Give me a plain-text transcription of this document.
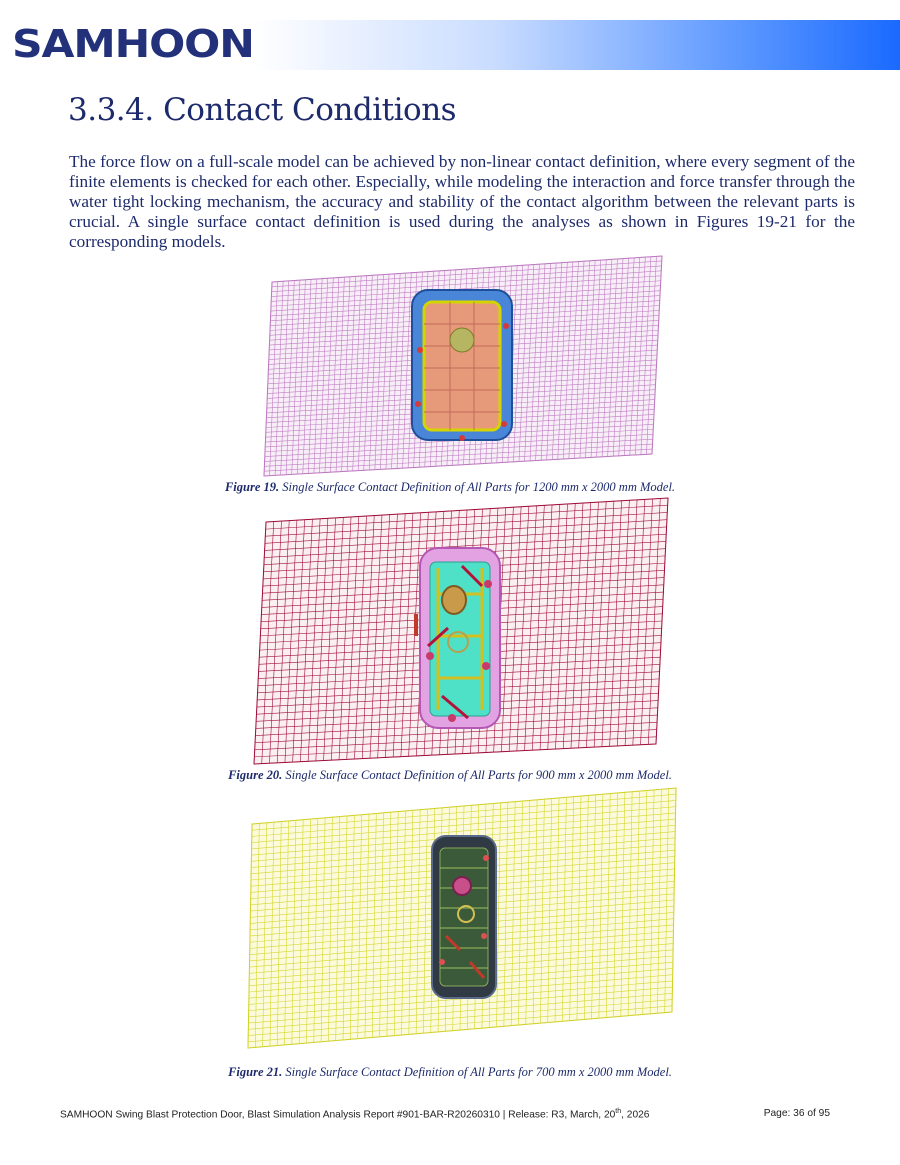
SAMHOON
3.3.4. Contact Conditions

The force flow on a full-scale model can be achieved by non-linear contact definition, where every segment of the finite elements is checked for each other. Especially, while modeling the interaction and force transfer through the water tight locking mechanism, the accuracy and stability of the contact algorithm between the relevant parts is crucial. A single surface contact definition is used during the analyses as shown in Figures 19-21 for the corresponding models.

Figure 19. Single Surface Contact Definition of All Parts for 1200 mm x 2000 mm Model.
Figure 20. Single Surface Contact Definition of All Parts for 900 mm x 2000 mm Model.
Figure 21. Single Surface Contact Definition of All Parts for 700 mm x 2000 mm Model.
SAMHOON Swing Blast Protection Door, Blast Simulation Analysis Report #901-BAR-R20260310 | Release: R3, March, 20th, 2026	Page: 36 of 95
